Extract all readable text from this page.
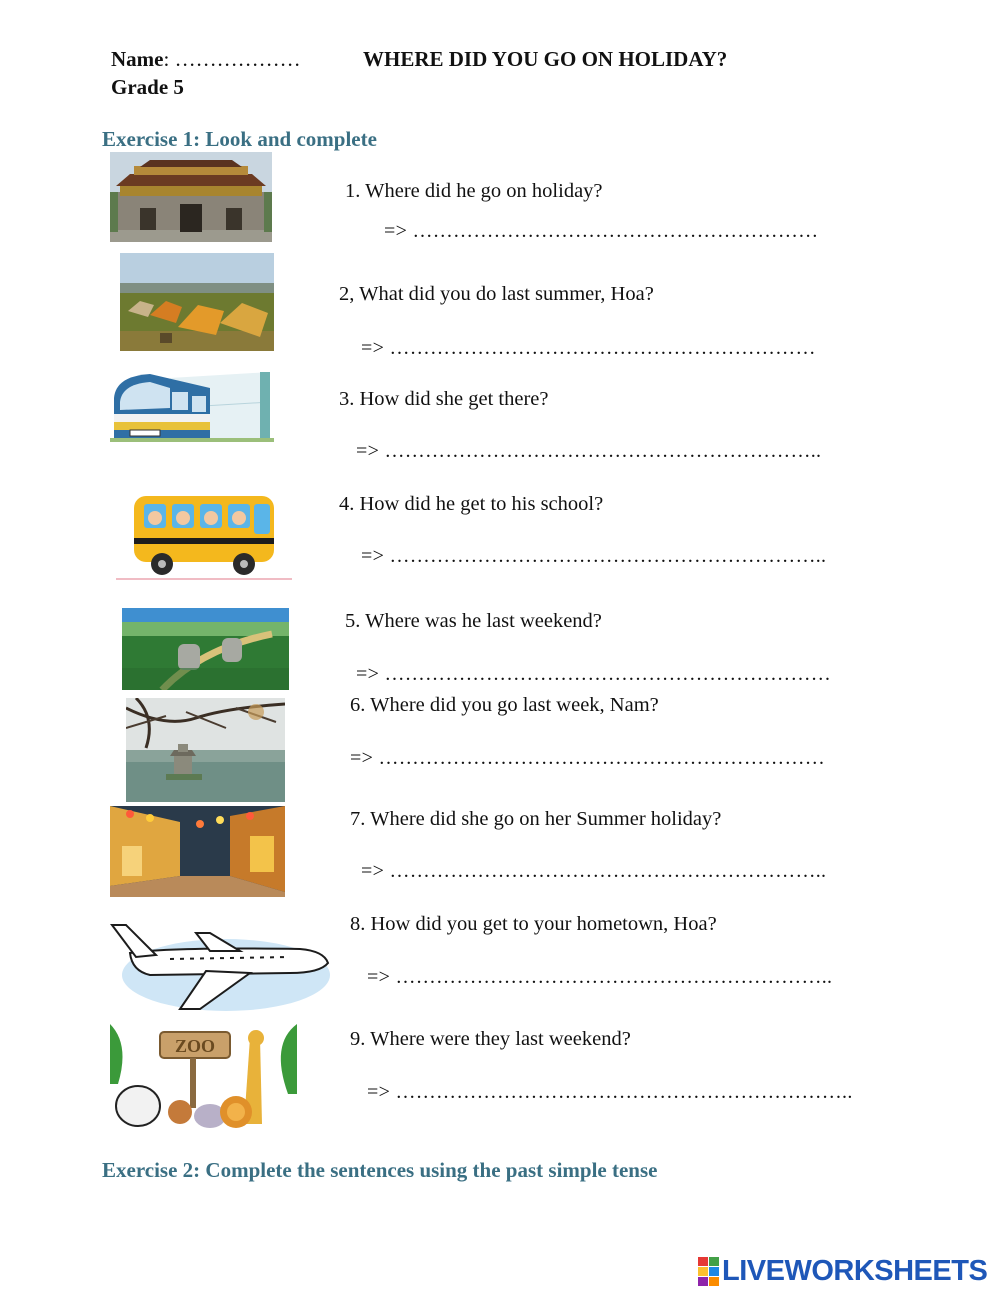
Name: ………………	WHERE DID YOU GO ON HOLIDAY?
Grade 5
Exercise 1: Look and complete
1. Where did he go on holiday?
=> ……………………………………………………
2, What did you do last summer, Hoa?
=> ………………………………………………………
3. How did she get there?
=> ………………………………………………………..
4. How did he get to his school?
=> ………………………………………………………..
5. Where was he last weekend?
=> …………………………………………………………
6. Where did you go last week, Nam?
=> …………………………………………………………
7. Where did she go on her Summer holiday?
=> ………………………………………………………..
8. How did you get to your hometown, Hoa?
=> ………………………………………………………..
ZOO	9. Where were they last weekend?
=> …………………………………………………………..
Exercise 2: Complete the sentences using the past simple tense
LIVEWORKSHEETS
